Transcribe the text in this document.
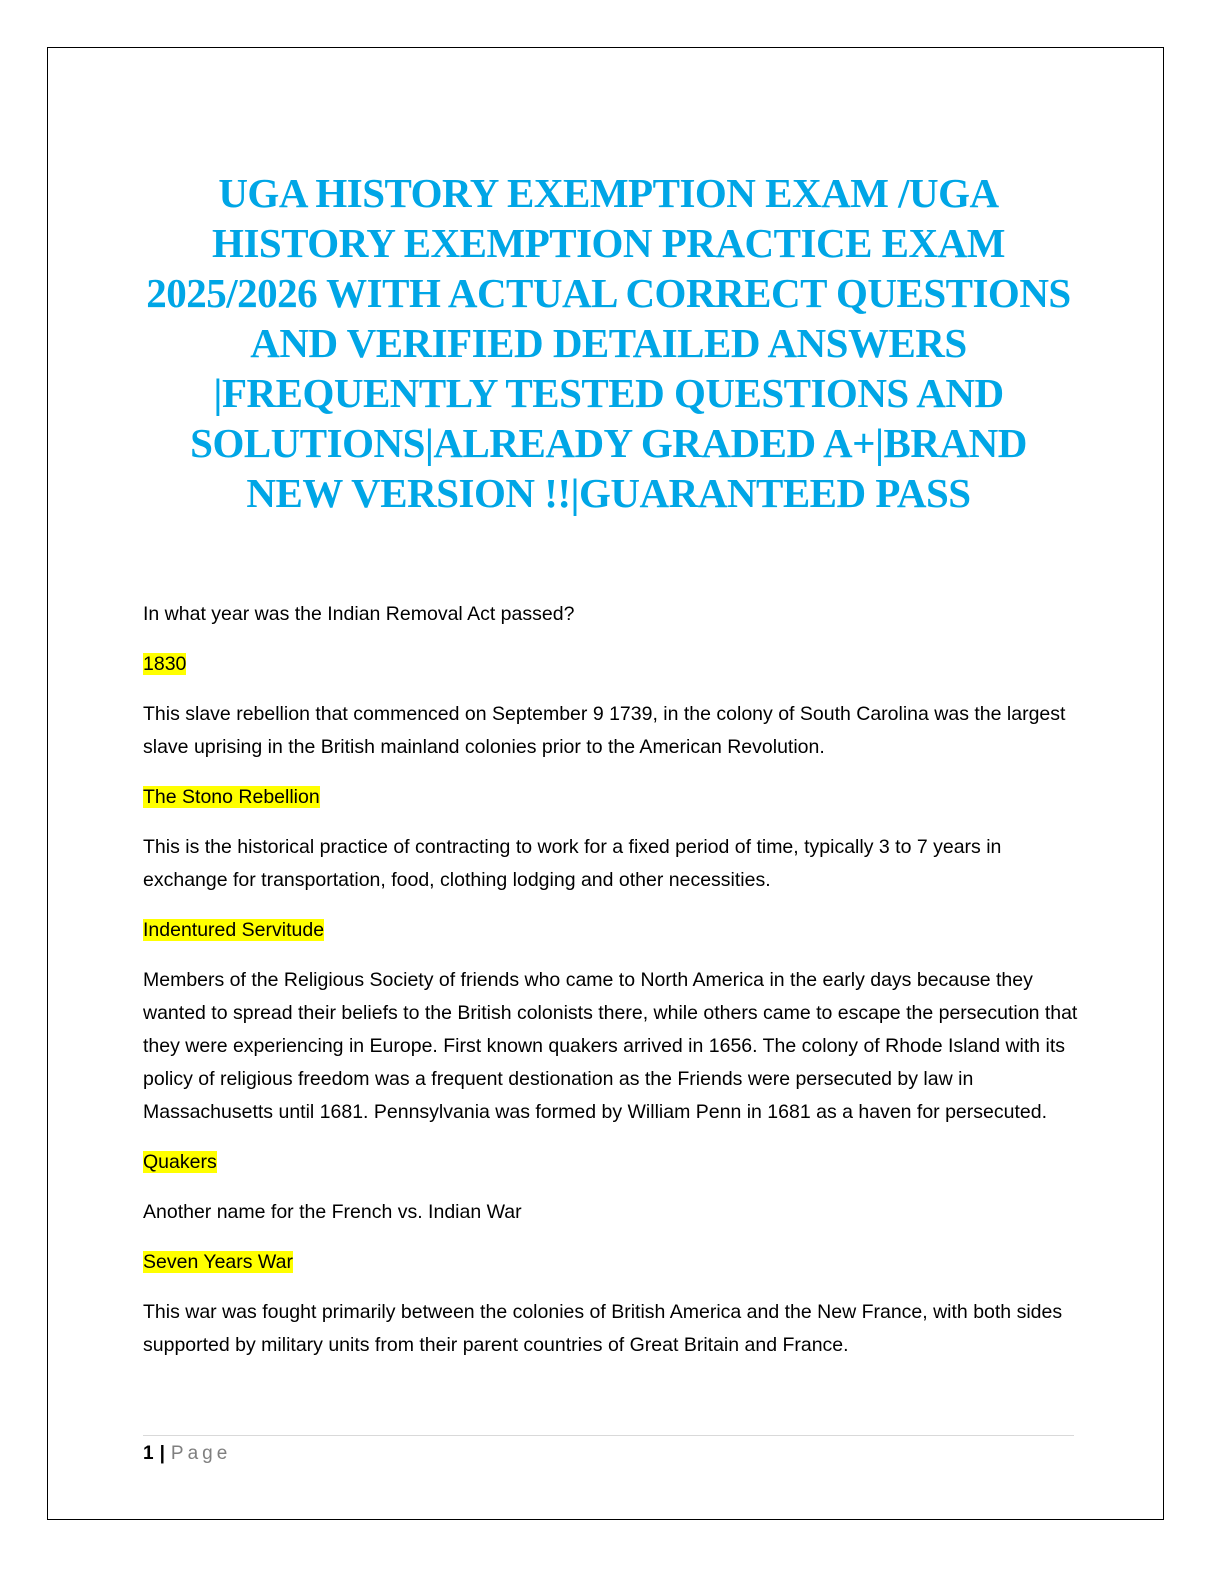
UGA HISTORY EXEMPTION EXAM /UGA HISTORY EXEMPTION PRACTICE EXAM 2025/2026 WITH ACTUAL CORRECT QUESTIONS AND VERIFIED DETAILED ANSWERS |FREQUENTLY TESTED QUESTIONS AND SOLUTIONS|ALREADY GRADED A+|BRAND NEW VERSION !!|GUARANTEED PASS

In what year was the Indian Removal Act passed?

1830

This slave rebellion that commenced on September 9 1739, in the colony of South Carolina was the largest slave uprising in the British mainland colonies prior to the American Revolution.

The Stono Rebellion

This is the historical practice of contracting to work for a fixed period of time, typically 3 to 7 years in exchange for transportation, food, clothing lodging and other necessities.

Indentured Servitude

Members of the Religious Society of friends who came to North America in the early days because they wanted to spread their beliefs to the British colonists there, while others came to escape the persecution that they were experiencing in Europe. First known quakers arrived in 1656. The colony of Rhode Island with its policy of religious freedom was a frequent destionation as the Friends were persecuted by law in Massachusetts until 1681. Pennsylvania was formed by William Penn in 1681 as a haven for persecuted.

Quakers

Another name for the French vs. Indian War

Seven Years War

This war was fought primarily between the colonies of British America and the New France, with both sides supported by military units from their parent countries of Great Britain and France.

1 | Page
